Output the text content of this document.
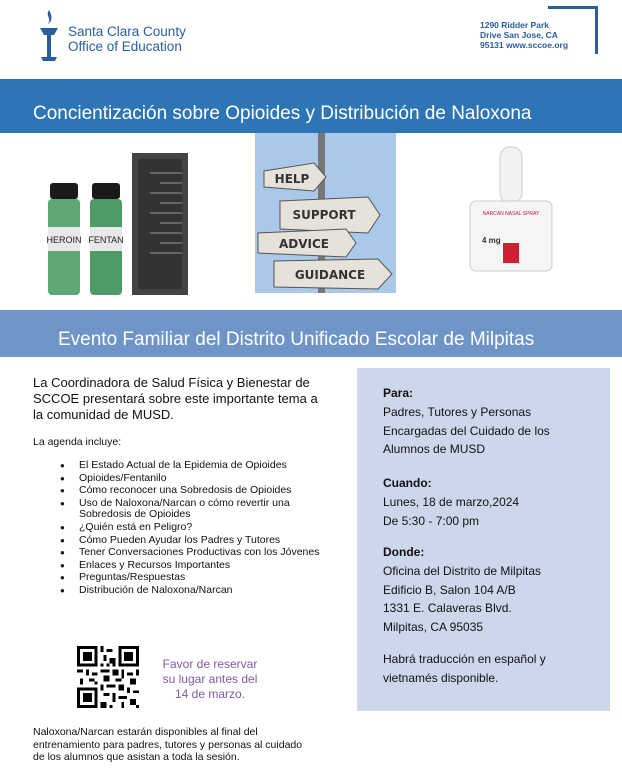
Santa Clara County
Office of Education
1290 Ridder Park
Drive San Jose, CA
95131 www.sccoe.org
Concientización sobre Opioides y Distribución de Naloxona
HEROIN FENTAN
HELP
SUPPORT
ADVICE
GUIDANCE
NARCAN NASAL SPRAY
4 mg
Evento Familiar del Distrito Unificado Escolar de Milpitas
La Coordinadora de Salud Física y Bienestar de SCCOE presentará sobre este importante tema a la comunidad de MUSD.
La agenda incluye:
● El Estado Actual de la Epidemia de Opioides
● Opioides/Fentanilo
● Cómo reconocer una Sobredosis de Opioides
● Uso de Naloxona/Narcan o cómo revertir una Sobredosis de Opioides
● ¿Quién está en Peligro?
● Cómo Pueden Ayudar los Padres y Tutores
● Tener Conversaciones Productivas con los Jóvenes
● Enlaces y Recursos Importantes
● Preguntas/Respuestas
● Distribución de Naloxona/Narcan
Favor de reservar su lugar antes del 14 de marzo.
Naloxona/Narcan estarán disponibles al final del entrenamiento para padres, tutores y personas al cuidado de los alumnos que asistan a toda la sesión.
Para:
Padres, Tutores y Personas
Encargadas del Cuidado de los
Alumnos de MUSD
Cuando:
Lunes, 18 de marzo,2024
De 5:30 - 7:00 pm
Donde:
Oficina del Distrito de Milpitas
Edificio B, Salon 104 A/B
1331 E. Calaveras Blvd.
Milpitas, CA 95035
Habrá traducción en español y
vietnamés disponible.
